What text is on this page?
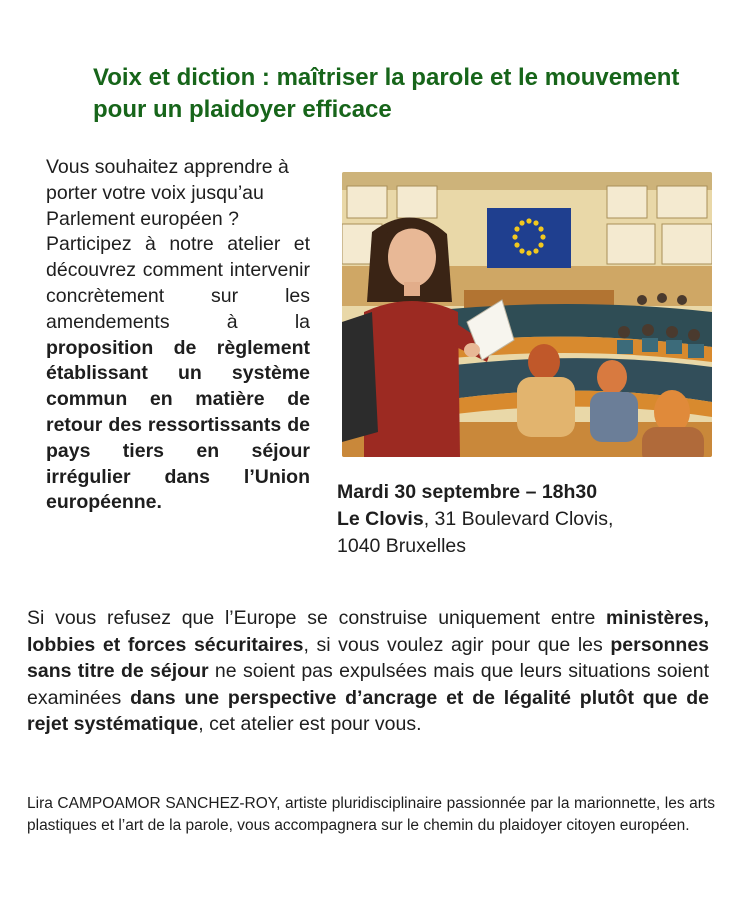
Voix et diction : maîtriser la parole et le mouvement pour un plaidoyer efficace
Vous souhaitez apprendre à porter votre voix jusqu’au Parlement européen ?
Participez à notre atelier et découvrez comment intervenir concrètement sur les amendements à la proposition de règlement établissant un système commun en matière de retour des ressortissants de pays tiers en séjour irrégulier dans l’Union européenne.	Mardi 30 septembre – 18h30
Le Clovis, 31 Boulevard Clovis,
1040 Bruxelles
Si vous refusez que l’Europe se construise uniquement entre ministères, lobbies et forces sécuritaires, si vous voulez agir pour que les personnes sans titre de séjour ne soient pas expulsées mais que leurs situations soient examinées dans une perspective d’ancrage et de légalité plutôt que de rejet systématique, cet atelier est pour vous.
Lira CAMPOAMOR SANCHEZ-ROY, artiste pluridisciplinaire passionnée par la marionnette, les arts plastiques et l’art de la parole, vous accompagnera sur le chemin du plaidoyer citoyen européen.
